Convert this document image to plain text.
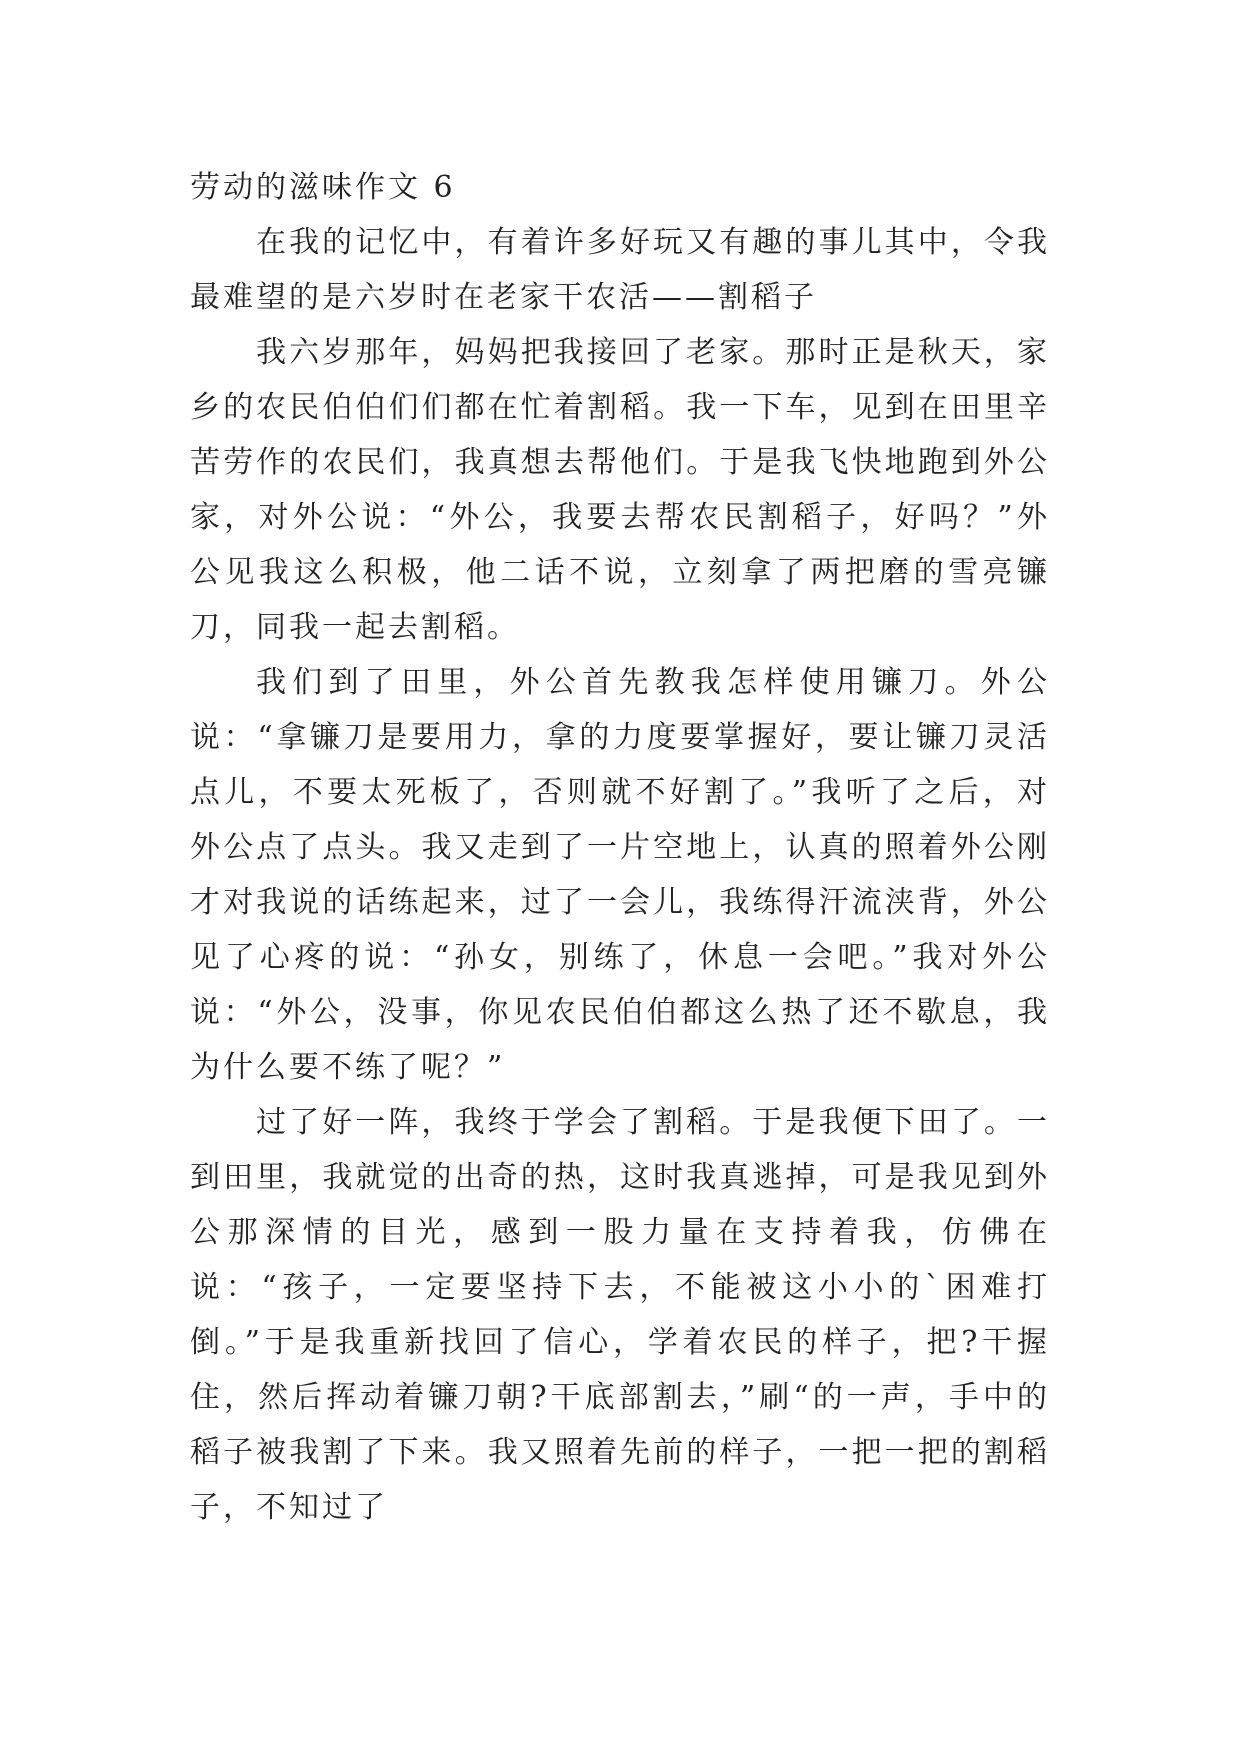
劳动的滋味作文 6

在我的记忆中，有着许多好玩又有趣的事儿其中，令我最难望的是六岁时在老家干农活——割稻子

我六岁那年，妈妈把我接回了老家。那时正是秋天，家乡的农民伯伯们们都在忙着割稻。我一下车，见到在田里辛苦劳作的农民们，我真想去帮他们。于是我飞快地跑到外公家，对外公说：“外公，我要去帮农民割稻子，好吗？”外公见我这么积极，他二话不说，立刻拿了两把磨的雪亮镰刀，同我一起去割稻。

我们到了田里，外公首先教我怎样使用镰刀。外公说：“拿镰刀是要用力，拿的力度要掌握好，要让镰刀灵活点儿，不要太死板了，否则就不好割了。”我听了之后，对外公点了点头。我又走到了一片空地上，认真的照着外公刚才对我说的话练起来，过了一会儿，我练得汗流浃背，外公见了心疼的说：“孙女，别练了，休息一会吧。”我对外公说：“外公，没事，你见农民伯伯都这么热了还不歇息，我为什么要不练了呢？”

过了好一阵，我终于学会了割稻。于是我便下田了。一到田里，我就觉的出奇的热，这时我真逃掉，可是我见到外公那深情的目光，感到一股力量在支持着我，仿佛在说：“孩子，一定要坚持下去，不能被这小小的`困难打倒。”于是我重新找回了信心，学着农民的样子，把?干握住，然后挥动着镰刀朝?干底部割去，”刷“的一声，手中的稻子被我割了下来。我又照着先前的样子，一把一把的割稻子，不知过了
